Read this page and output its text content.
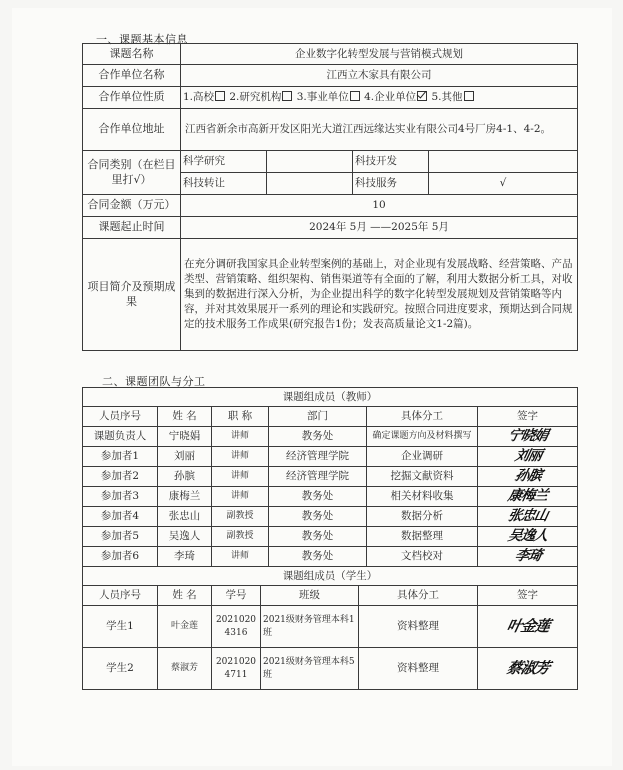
一、课题基本信息
课题名称	企业数字化转型发展与营销模式规划			
合作单位名称	江西立木家具有限公司			
合作单位性质	1.高校 2.研究机构 3.事业单位 4.企业单位 5.其他			
合作单位地址	江西省新余市高新开发区阳光大道江西远缘达实业有限公司4号厂房4-1、4-2。			
合同类别（在栏目里打√）	科学研究		科技开发	
	科技转让		科技服务	√
合同金额（万元）	10			
课题起止时间	2024年 5月 ——2025年 5月			
项目简介及预期成果	在充分调研我国家具企业转型案例的基础上，对企业现有发展战略、经营策略、产品类型、营销策略、组织架构、销售渠道等有全面的了解，利用大数据分析工具，对收集到的数据进行深入分析，为企业提出科学的数字化转型发展规划及营销策略等内容，并对其效果展开一系列的理论和实践研究。按照合同进度要求，预期达到合同规定的技术服务工作成果(研究报告1份；发表高质量论文1-2篇)。			
二、课题团队与分工
课题组成员（教师）					
人员序号	姓 名	职 称	部门	具体分工	签字
课题负责人	宁晓娟	讲师	教务处	确定课题方向及材料撰写	宁晓娟
参加者1	刘丽	讲师	经济管理学院	企业调研	刘丽
参加者2	孙膑	讲师	经济管理学院	挖掘文献资料	孙膑
参加者3	康梅兰	讲师	教务处	相关材料收集	康梅兰
参加者4	张忠山	副教授	教务处	数据分析	张忠山
参加者5	吴逸人	副教授	教务处	数据整理	吴逸人
参加者6	李琦	讲师	教务处	文档校对	李琦
课题组成员（学生）					
人员序号	姓 名	学号	班级	具体分工	签字
学生1	叶金莲	20210204316	2021级财务管理本科1班	资料整理	叶金莲
学生2	蔡淑芳	20210204711	2021级财务管理本科5班	资料整理	蔡淑芳
